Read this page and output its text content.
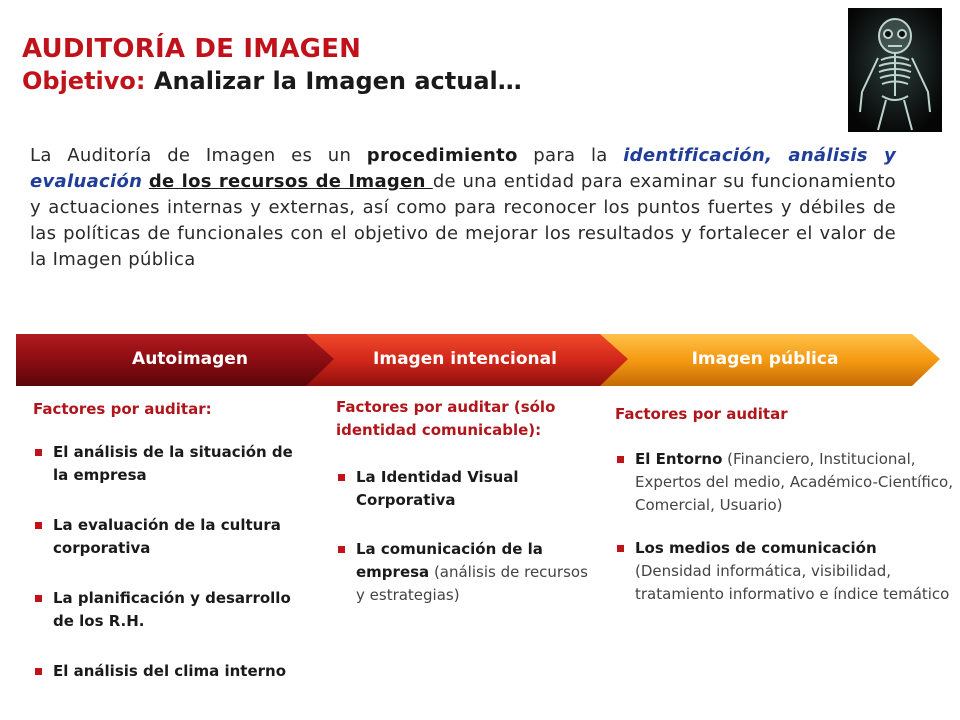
AUDITORÍA DE IMAGEN
Objetivo: Analizar la Imagen actual…
La Auditoría de Imagen es un procedimiento para la identificación, análisis y evaluación de los recursos de Imagen de una entidad para examinar su funcionamiento y actuaciones internas y externas, así como para reconocer los puntos fuertes y débiles de las políticas de funcionales con el objetivo de mejorar los resultados y fortalecer el valor de la Imagen pública
Autoimagen	Imagen intencional	Imagen pública
Factores por auditar:
El análisis de la situación de la empresa
La evaluación de la cultura corporativa
La planificación y desarrollo de los R.H.
El análisis del clima interno
Factores por auditar (sólo identidad comunicable):
La Identidad Visual Corporativa
La comunicación de la empresa (análisis de recursos y estrategias)
Factores por auditar
El Entorno (Financiero, Institucional, Expertos del medio, Académico-Científico, Comercial, Usuario)
Los medios de comunicación (Densidad informática, visibilidad, tratamiento informativo e índice temático
